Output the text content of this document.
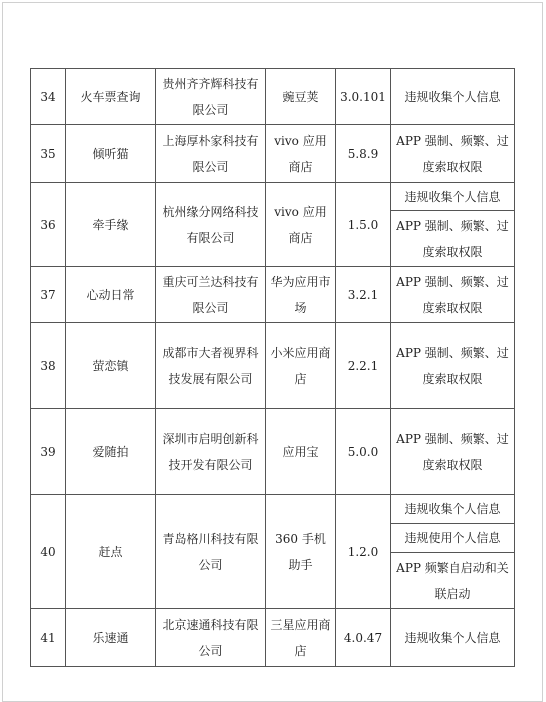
34	火车票查询	贵州齐齐辉科技有限公司	豌豆荚	3.0.101	违规收集个人信息
35	倾听猫	上海厚朴家科技有限公司	vivo 应用商店	5.8.9	APP 强制、频繁、过度索取权限
36	牵手缘	杭州缘分网络科技有限公司	vivo 应用商店	1.5.0	违规收集个人信息
					APP 强制、频繁、过度索取权限
37	心动日常	重庆可兰达科技有限公司	华为应用市场	3.2.1	APP 强制、频繁、过度索取权限
38	萤恋镇	成都市大者视界科技发展有限公司	小米应用商店	2.2.1	APP 强制、频繁、过度索取权限
39	爱随拍	深圳市启明创新科技开发有限公司	应用宝	5.0.0	APP 强制、频繁、过度索取权限
40	赶点	青岛格川科技有限公司	360 手机助手	1.2.0	违规收集个人信息
					违规使用个人信息
					APP 频繁自启动和关联启动
41	乐速通	北京速通科技有限公司	三星应用商店	4.0.47	违规收集个人信息
